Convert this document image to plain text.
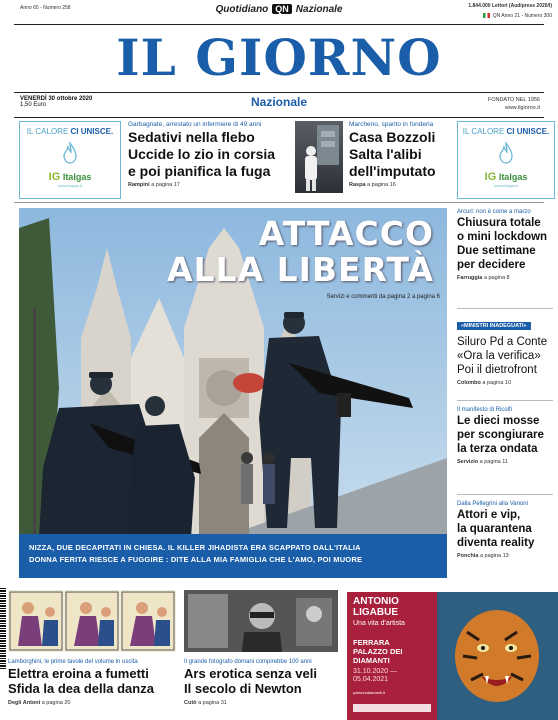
Anno 65 - Numero 258	Quotidiano QN Nazionale	1.844.000 Lettori (Audipress 2020/I)
QN Anno 21 - Numero 300
IL GIORNO
VENERDÌ 30 ottobre 2020
1,50 Euro	Nazionale	FONDATO NEL 1956
www.ilgiorno.it
IL CALORE CI UNISCE.
IG Italgas
www.italgas.it
IL CALORE CI UNISCE.
IG Italgas
www.italgas.it
Garbagnate, arrestato un infermiere di 49 anni
Sedativi nella flebo
Uccide lo zio in corsia
e poi pianifica la fuga
Rampini a pagina 17
Marcheno, sparito in fonderia
Casa Bozzoli
Salta l'alibi
dell'imputato
Raspa a pagina 16
ATTACCO
ALLA LIBERTÀ
Servizi e commenti da pagina 2 a pagina 6
NIZZA, DUE DECAPITATI IN CHIESA. IL KILLER JIHADISTA ERA SCAPPATO DALL'ITALIA
DONNA FERITA RIESCE A FUGGIRE : DITE ALLA MIA FAMIGLIA CHE L'AMO, POI MUORE
Arcuri: non è come a marzo
Chiusura totale
o mini lockdown
Due settimane
per decidere
Farruggia a pagina 8
«MINISTRI INADEGUATI»
Siluro Pd a Conte
«Ora la verifica»
Poi il dietrofront
Colombo a pagina 10
Il manifesto di Ricolfi
Le dieci mosse
per scongiurare
la terza ondata
Servizio a pagina 11
Dalla Pellegrini alla Vanoni
Attori e vip,
la quarantena
diventa reality
Ponchia a pagina 13
Lamborghini, le prime tavole del volume in uscita
Elettra eroina a fumetti
Sfida la dea della danza
Degli Antoni a pagina 20
Il grande fotografo domani compirebbe 100 anni
Ars erotica senza veli
Il secolo di Newton
Cutò a pagina 31
ANTONIO
LIGABUE
Una vita d'artista
FERRARA
PALAZZO DEI
DIAMANTI
31.10.2020 —
05.04.2021
palazzodiamanti.it
